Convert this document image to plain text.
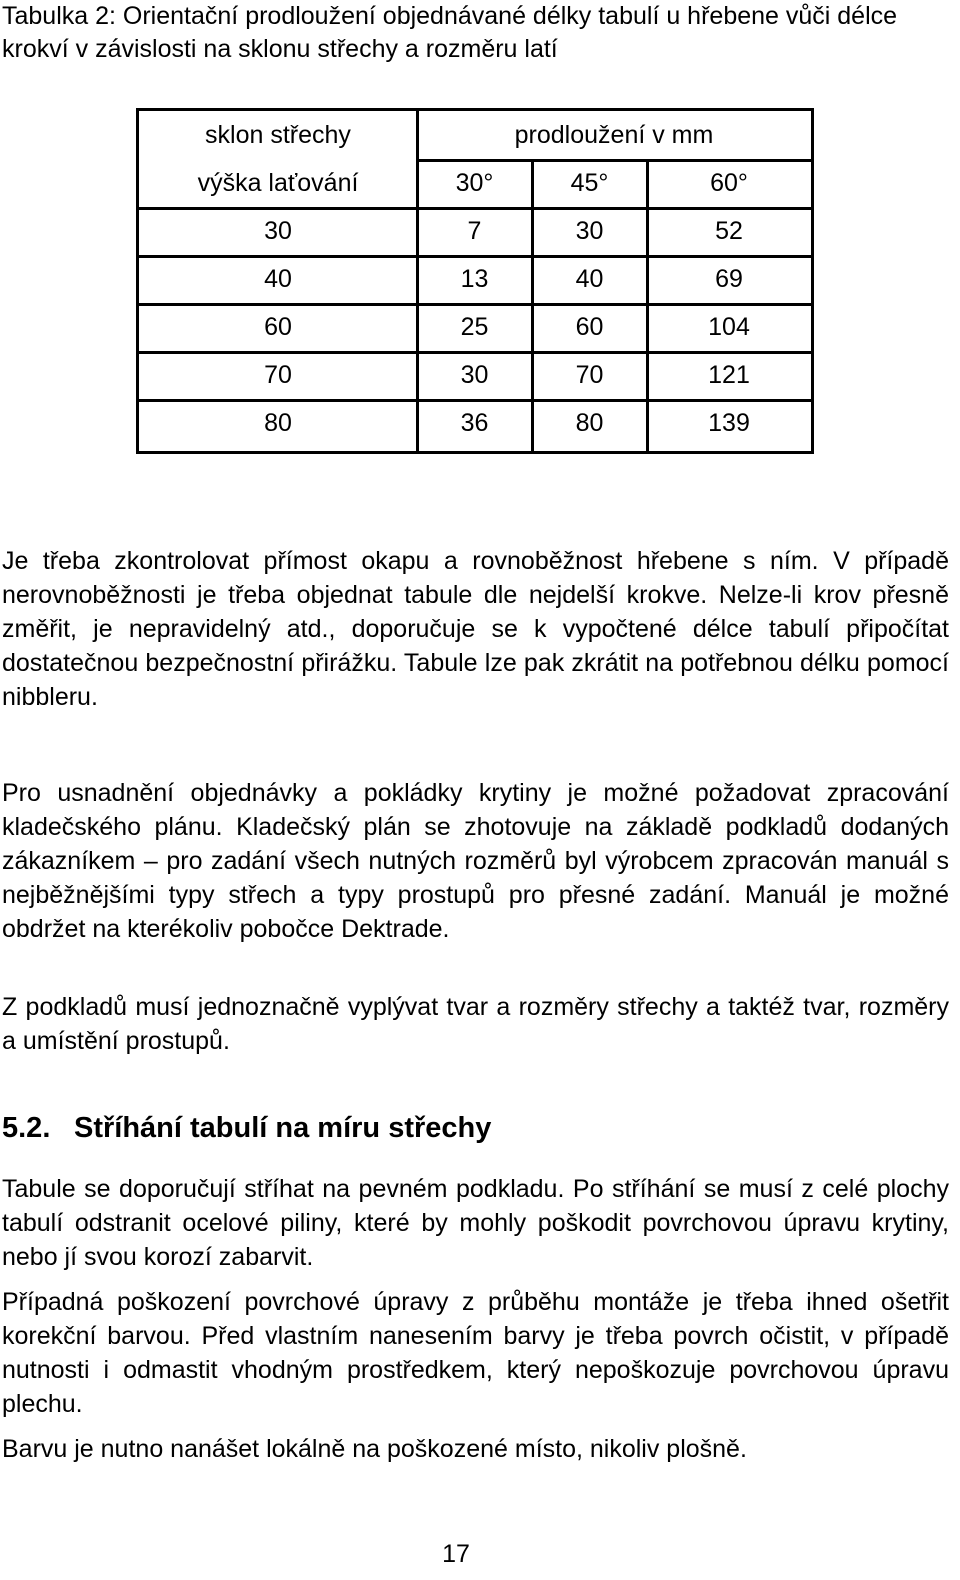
Tabulka 2: Orientační prodloužení objednávané délky tabulí u hřebene vůči délce krokví v závislosti na sklonu střechy a rozměru latí
sklon střechy	prodloužení v mm
výška laťování	30°	45°	60°
30	7	30	52
40	13	40	69
60	25	60	104
70	30	70	121
80	36	80	139
Je třeba zkontrolovat přímost okapu a rovnoběžnost hřebene s ním. V případě nerovnoběžnosti je třeba objednat tabule dle nejdelší krokve. Nelze-li krov přesně změřit, je nepravidelný atd., doporučuje se k vypočtené délce tabulí připočítat dostatečnou bezpečnostní přirážku. Tabule lze pak zkrátit na potřebnou délku pomocí nibbleru.
Pro usnadnění objednávky a pokládky krytiny je možné požadovat zpracování kladečského plánu. Kladečský plán se zhotovuje na základě podkladů dodaných zákazníkem – pro zadání všech nutných rozměrů byl výrobcem zpracován manuál s nejběžnějšími typy střech a typy prostupů pro přesné zadání. Manuál je možné obdržet na kterékoliv pobočce Dektrade.
Z podkladů musí jednoznačně vyplývat tvar a rozměry střechy a taktéž tvar, rozměry a umístění prostupů.
5.2. Stříhání tabulí na míru střechy
Tabule se doporučují stříhat na pevném podkladu. Po stříhání se musí z celé plochy tabulí odstranit ocelové piliny, které by mohly poškodit povrchovou úpravu krytiny, nebo jí svou korozí zabarvit.
Případná poškození povrchové úpravy z průběhu montáže je třeba ihned ošetřit korekční barvou. Před vlastním nanesením barvy je třeba povrch očistit, v případě nutnosti i odmastit vhodným prostředkem, který nepoškozuje povrchovou úpravu plechu.
Barvu je nutno nanášet lokálně na poškozené místo, nikoliv plošně.
17
